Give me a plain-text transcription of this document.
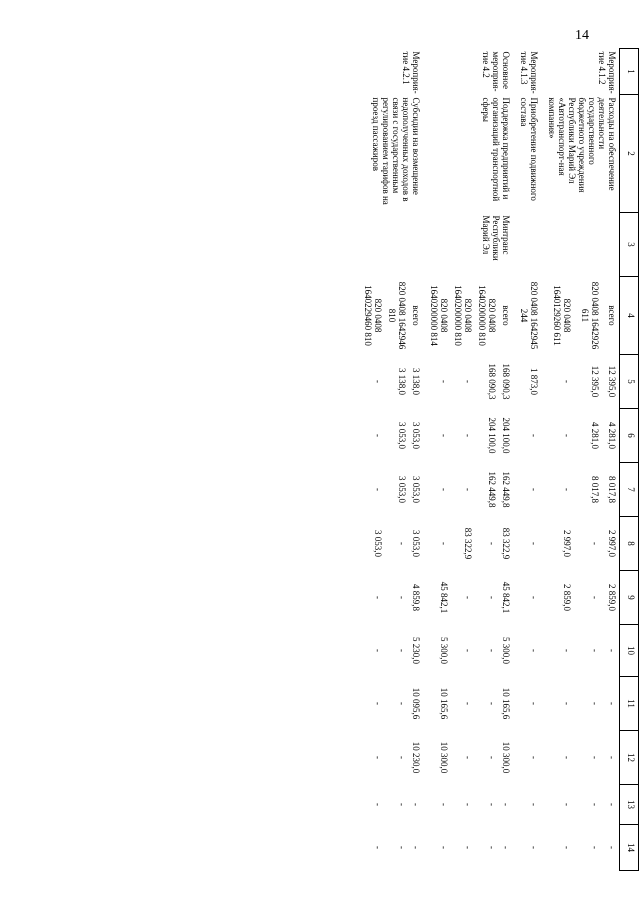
14
1	2	3	4	5	6	7	8	9	10	11	12	13	14
Мероприя-тие 4.1.2	Расходы на обеспечение деятельности государственного бюджетного учреждения Республики Марий Эл «Автотранспорт-ная компания»		всего	12 395,0	4 281,0	8 017,8	2 997,0	2 859,0	-	-	-	-	-
			820 0408 1642926 611	12 395,0	4 281,0	8 017,8	-	-	-	-	-	-	-
			820 0408 1640129260 611	-	-	-	2 997,0	2 859,0	-	-	-	-	-
Мероприя-тие 4.1.3	Приобретение подвижного состава		820 0408 1642945 244	1 873,0	-	-	-	-	-	-	-	-	-
Основное мероприя-тие 4.2	Поддержка предприятий и организаций транспортной сферы	Минтранс Республики Марий Эл	всего	168 090,3	204 100,0	162 449,8	83 322,9	45 842,1	5 300,0	10 165,6	10 300,0	-	-
			820 0408 1640200000 810	168 090,3	204 100,0	162 449,8	-	-	-	-	-	-	-
			820 0408 1640200000 810	-	-	-	83 322,9	-	-	-	-	-	-
			820 0408 1640200000 814	-	-	-	-	45 842,1	5 300,0	10 165,6	10 300,0	-	-
Мероприя-тие 4.2.1	Субсидии на возмещение недополученных доходов в связи с государственным регулированием тарифов на проезд пассажиров		всего	3 138,0	3 053,0	3 053,0	3 053,0	4 859,8	5 230,0	10 095,6	10 230,0	-	-
			820 0408 1642946 810	3 138,0	3 053,0	3 053,0	-	-	-	-	-	-	-
			820 0408 1640229460 810	-	-	-	3 053,0	-	-	-	-	-	-
